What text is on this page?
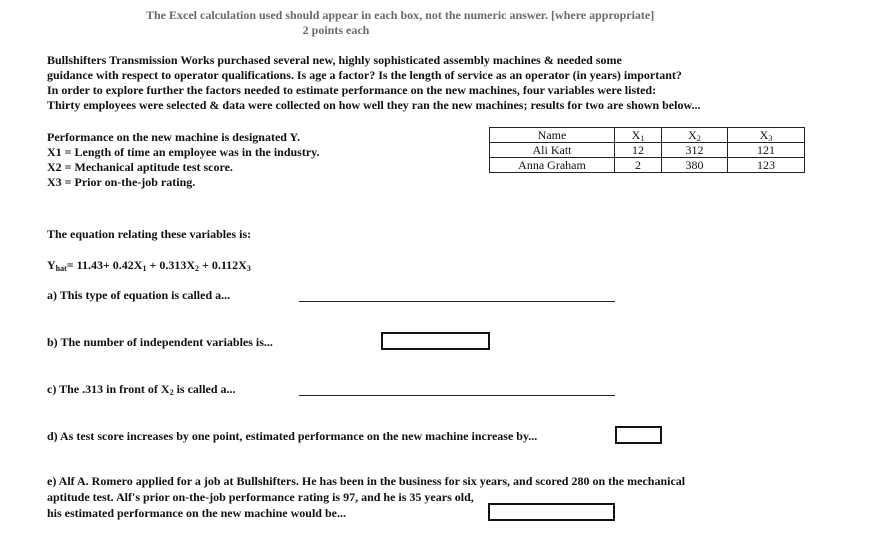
The Excel calculation used should appear in each box, not the numeric answer. [where appropriate]
2 points each
Bullshifters Transmission Works purchased several new, highly sophisticated assembly machines & needed some
guidance with respect to operator qualifications. Is age a factor? Is the length of service as an operator (in years) important?
In order to explore further the factors needed to estimate performance on the new machines, four variables were listed:
Thirty employees were selected & data were collected on how well they ran the new machines; results for two are shown below...
Performance on the new machine is designated Y.
X1 = Length of time an employee was in the industry.
X2 = Mechanical aptitude test score.
X3 = Prior on-the-job rating.
Name	$X_1$	$X_2$	$X_3$
Ali Katt	12	312	121
Anna Graham	2	380	123
The equation relating these variables is:
$Y_{hat}= 11.43+ 0.42X_1 + 0.313X_2 + 0.112X_3$
a) This type of equation is called a...
b) The number of independent variables is...
c) The .313 in front of $X_2$ is called a...
d) As test score increases by one point, estimated performance on the new machine increase by...
e) Alf A. Romero applied for a job at Bullshifters. He has been in the business for six years, and scored 280 on the mechanical
aptitude test. Alf's prior on-the-job performance rating is 97, and he is 35 years old,
his estimated performance on the new machine would be...
